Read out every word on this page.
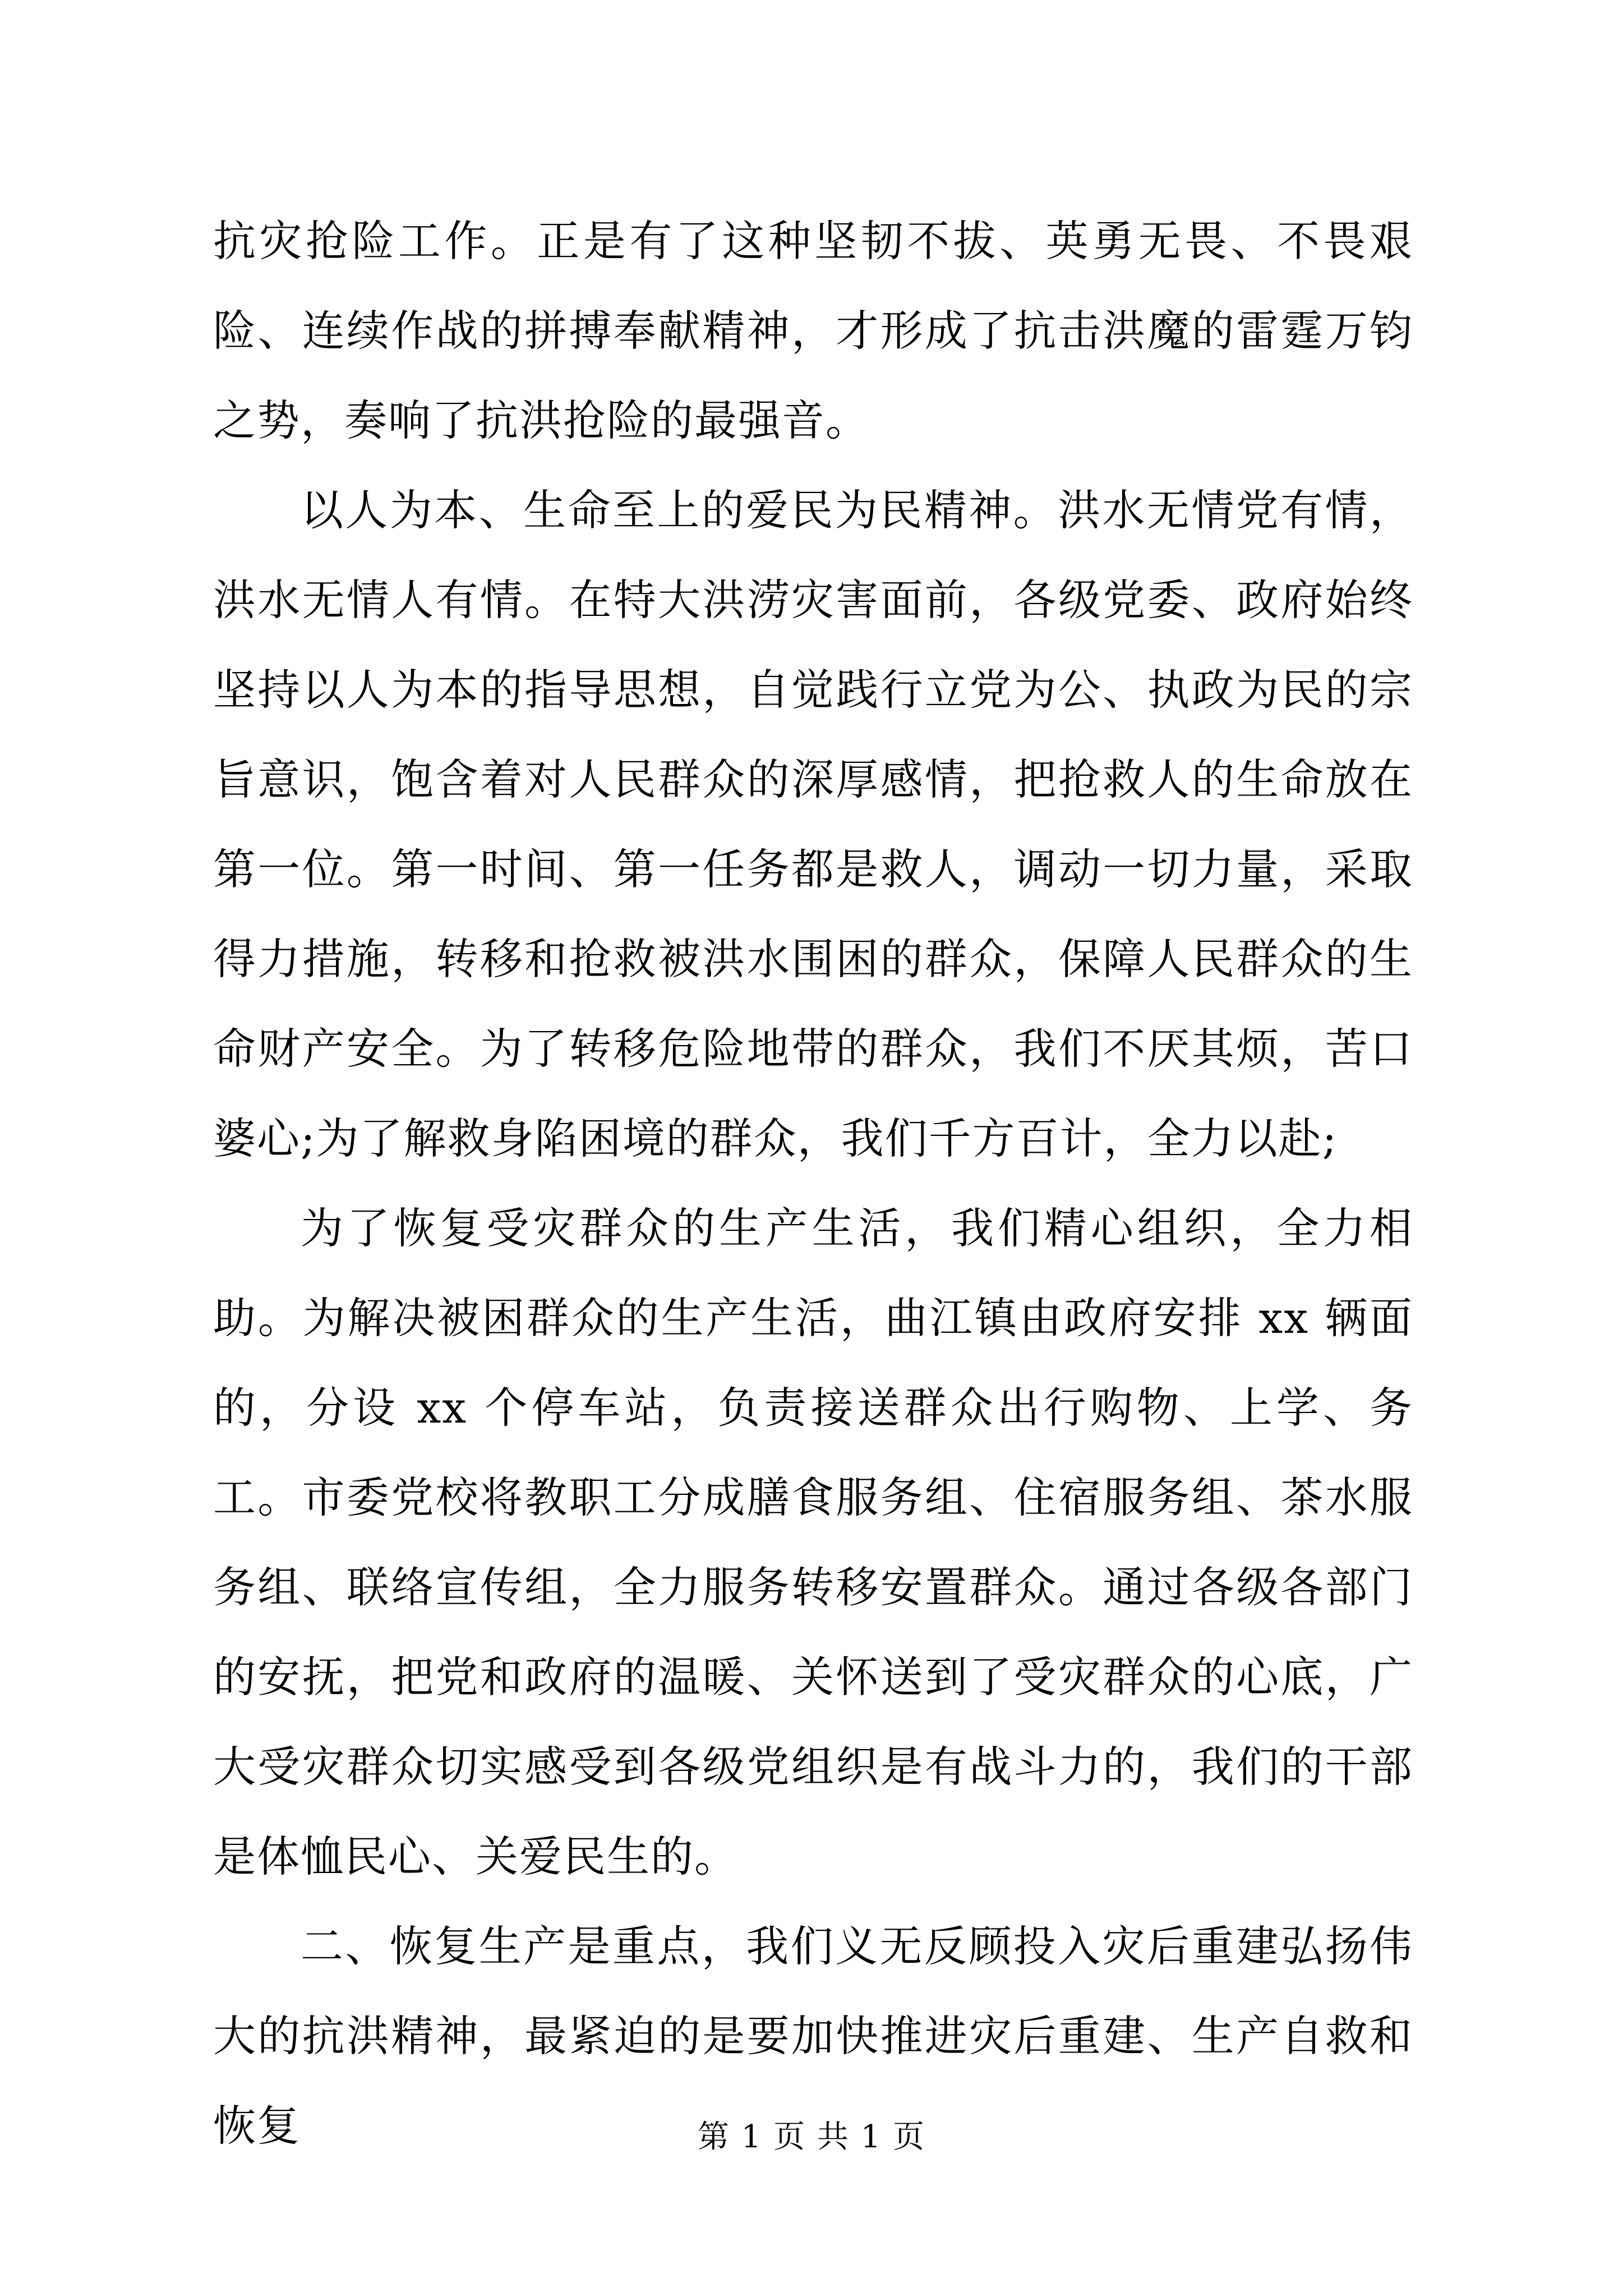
抗灾抢险工作。正是有了这种坚韧不拔、英勇无畏、不畏艰险、连续作战的拼搏奉献精神，才形成了抗击洪魔的雷霆万钧之势，奏响了抗洪抢险的最强音。

以人为本、生命至上的爱民为民精神。洪水无情党有情，洪水无情人有情。在特大洪涝灾害面前，各级党委、政府始终坚持以人为本的指导思想，自觉践行立党为公、执政为民的宗旨意识，饱含着对人民群众的深厚感情，把抢救人的生命放在第一位。第一时间、第一任务都是救人，调动一切力量，采取得力措施，转移和抢救被洪水围困的群众，保障人民群众的生命财产安全。为了转移危险地带的群众，我们不厌其烦，苦口婆心;为了解救身陷困境的群众，我们千方百计，全力以赴;

为了恢复受灾群众的生产生活，我们精心组织，全力相助。为解决被困群众的生产生活，曲江镇由政府安排 xx 辆面的，分设 xx 个停车站，负责接送群众出行购物、上学、务工。市委党校将教职工分成膳食服务组、住宿服务组、茶水服务组、联络宣传组，全力服务转移安置群众。通过各级各部门的安抚，把党和政府的温暖、关怀送到了受灾群众的心底，广大受灾群众切实感受到各级党组织是有战斗力的，我们的干部是体恤民心、关爱民生的。

二、恢复生产是重点，我们义无反顾投入灾后重建弘扬伟大的抗洪精神，最紧迫的是要加快推进灾后重建、生产自救和恢复	第 1 页 共 1 页
